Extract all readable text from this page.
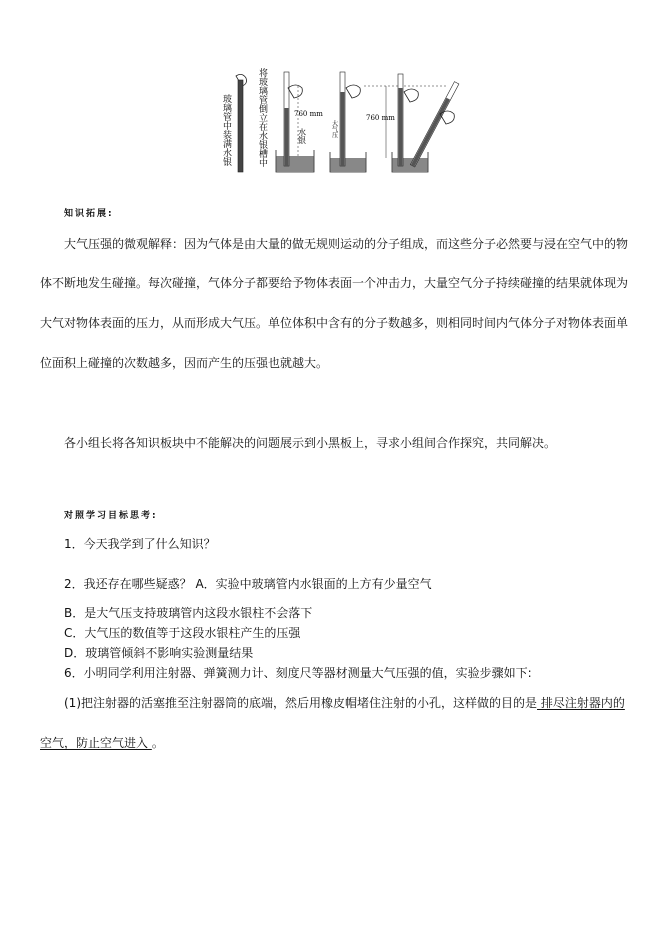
玻璃管中装满水银	将玻璃管倒立在水银槽中	760 mm
水银	大气压
760 mm
知识拓展:
大气压强的微观解释：因为气体是由大量的做无规则运动的分子组成，而这些分子必然要与浸在空气中的物
体不断地发生碰撞。每次碰撞，气体分子都要给予物体表面一个冲击力，大量空气分子持续碰撞的结果就体现为
大气对物体表面的压力，从而形成大气压。单位体积中含有的分子数越多，则相同时间内气体分子对物体表面单
位面积上碰撞的次数越多，因而产生的压强也就越大。
各小组长将各知识板块中不能解决的问题展示到小黑板上，寻求小组间合作探究，共同解决。
对照学习目标思考:
1．今天我学到了什么知识？
2．我还存在哪些疑惑？ A．实验中玻璃管内水银面的上方有少量空气
B．是大气压支持玻璃管内这段水银柱不会落下
C．大气压的数值等于这段水银柱产生的压强
D．玻璃管倾斜不影响实验测量结果
6．小明同学利用注射器、弹簧测力计、刻度尺等器材测量大气压强的值，实验步骤如下:
(1)把注射器的活塞推至注射器筒的底端，然后用橡皮帽堵住注射的小孔，这样做的目的是 排尽注射器内的
空气，防止空气进入 。
